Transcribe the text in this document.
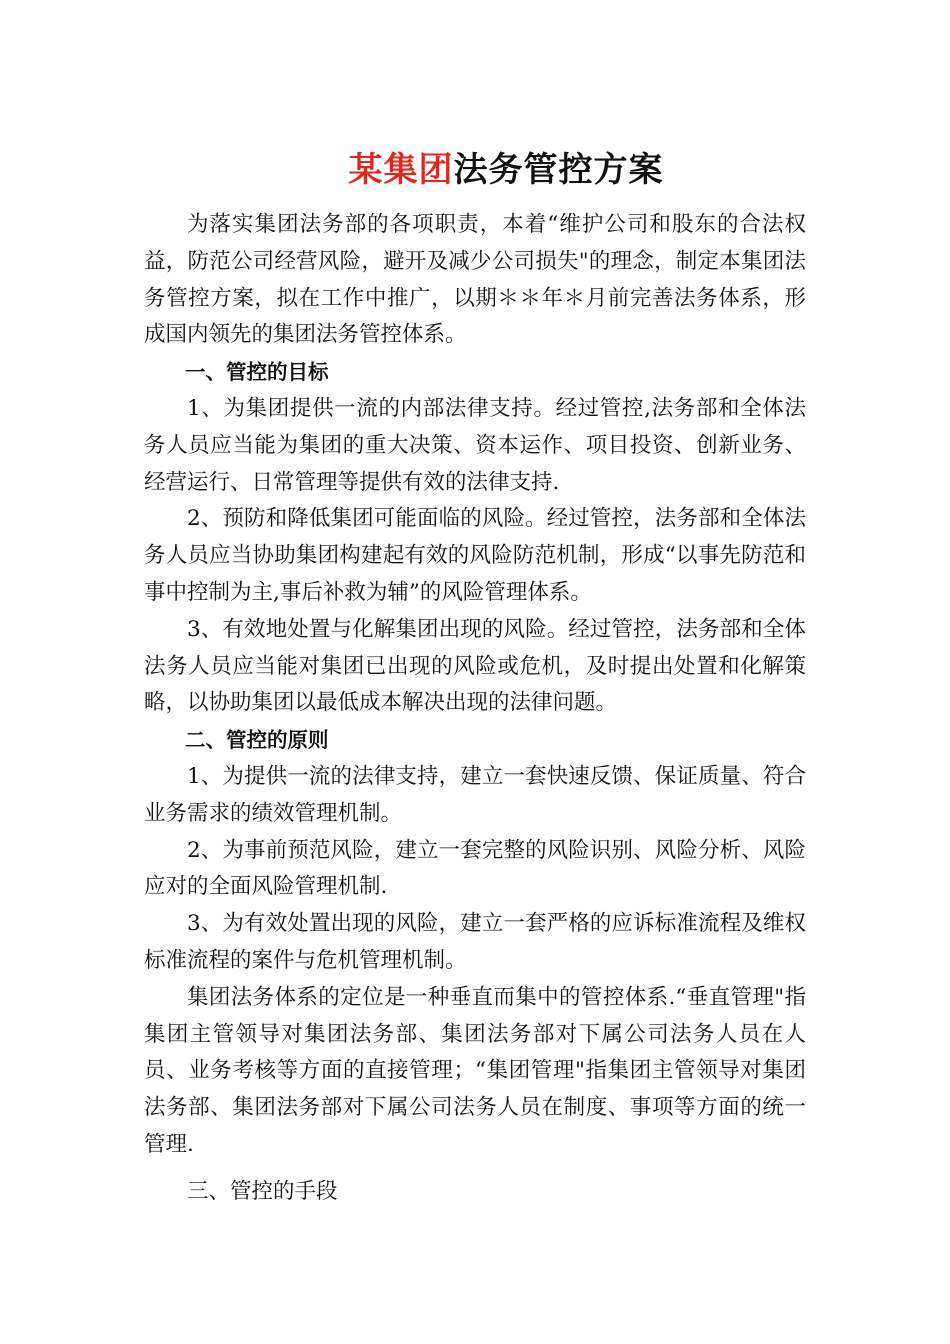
某集团法务管控方案

为落实集团法务部的各项职责，本着“维护公司和股东的合法权益，防范公司经营风险，避开及减少公司损失"的理念，制定本集团法务管控方案，拟在工作中推广，以期＊＊年＊月前完善法务体系，形成国内领先的集团法务管控体系。

一、管控的目标

1、为集团提供一流的内部法律支持。经过管控,法务部和全体法务人员应当能为集团的重大决策、资本运作、项目投资、创新业务、经营运行、日常管理等提供有效的法律支持.

2、预防和降低集团可能面临的风险。经过管控，法务部和全体法务人员应当协助集团构建起有效的风险防范机制，形成“以事先防范和事中控制为主,事后补救为辅”的风险管理体系。

3、有效地处置与化解集团出现的风险。经过管控，法务部和全体法务人员应当能对集团已出现的风险或危机，及时提出处置和化解策略，以协助集团以最低成本解决出现的法律问题。

二、管控的原则

1、为提供一流的法律支持，建立一套快速反馈、保证质量、符合业务需求的绩效管理机制。

2、为事前预范风险，建立一套完整的风险识别、风险分析、风险应对的全面风险管理机制.

3、为有效处置出现的风险，建立一套严格的应诉标准流程及维权标准流程的案件与危机管理机制。

集团法务体系的定位是一种垂直而集中的管控体系.“垂直管理"指集团主管领导对集团法务部、集团法务部对下属公司法务人员在人员、业务考核等方面的直接管理；“集团管理"指集团主管领导对集团法务部、集团法务部对下属公司法务人员在制度、事项等方面的统一管理.

三、管控的手段
